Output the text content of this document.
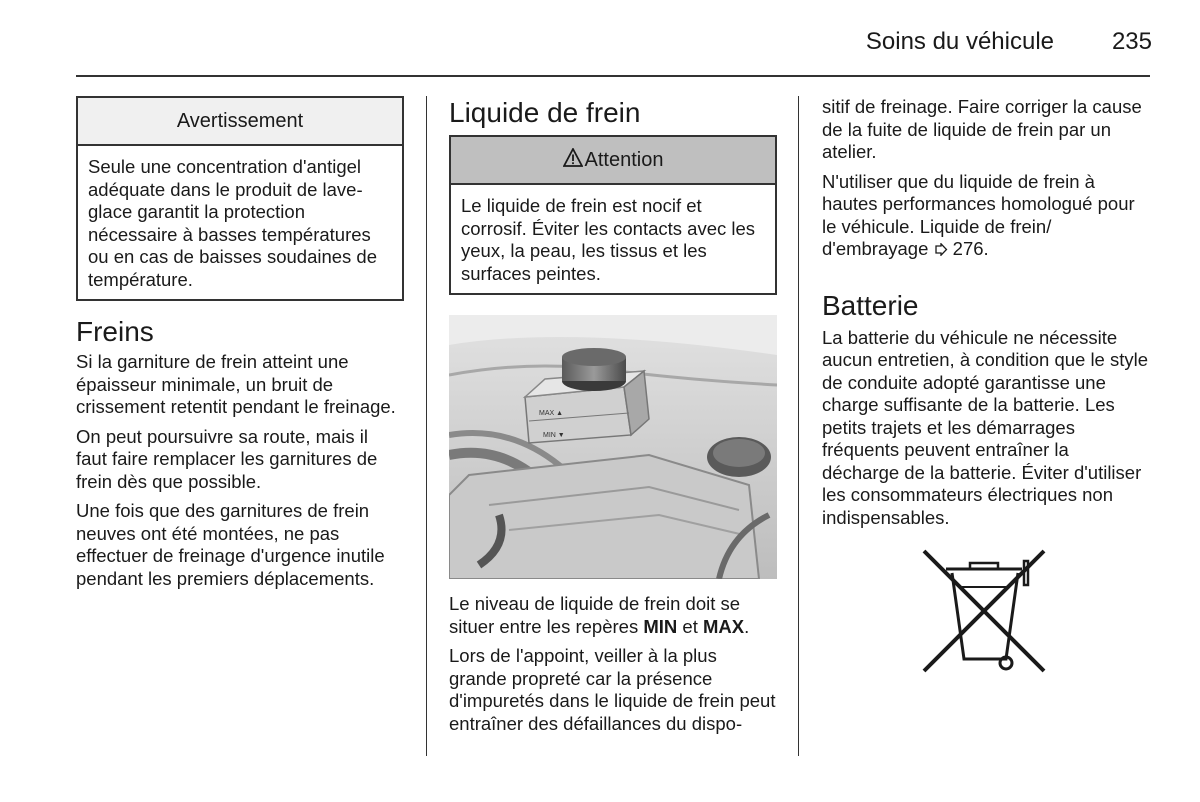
Soins du véhicule 235
Avertissement

Seule une concentration d'antigel adéquate dans le produit de lave-glace garantit la protection nécessaire à basses températures ou en cas de baisses soudaines de température.

Freins

Si la garniture de frein atteint une épaisseur minimale, un bruit de crissement retentit pendant le freinage.

On peut poursuivre sa route, mais il faut faire remplacer les garnitures de frein dès que possible.

Une fois que des garnitures de frein neuves ont été montées, ne pas effectuer de freinage d'urgence inutile pendant les premiers déplacements.

Liquide de frein
Attention

Le liquide de frein est nocif et corrosif. Éviter les contacts avec les yeux, la peau, les tissus et les surfaces peintes.

MAX ▲
MIN ▼

Le niveau de liquide de frein doit se situer entre les repères MIN et MAX.

Lors de l'appoint, veiller à la plus grande propreté car la présence d'impuretés dans le liquide de frein peut entraîner des défaillances du dispo-

sitif de freinage. Faire corriger la cause de la fuite de liquide de frein par un atelier.

N'utiliser que du liquide de frein à hautes performances homologué pour le véhicule. Liquide de frein/ d'embrayage  276.

Batterie

La batterie du véhicule ne nécessite aucun entretien, à condition que le style de conduite adopté garantisse une charge suffisante de la batterie. Les petits trajets et les démarrages fréquents peuvent entraîner la décharge de la batterie. Éviter d'utiliser les consommateurs électriques non indispensables.
